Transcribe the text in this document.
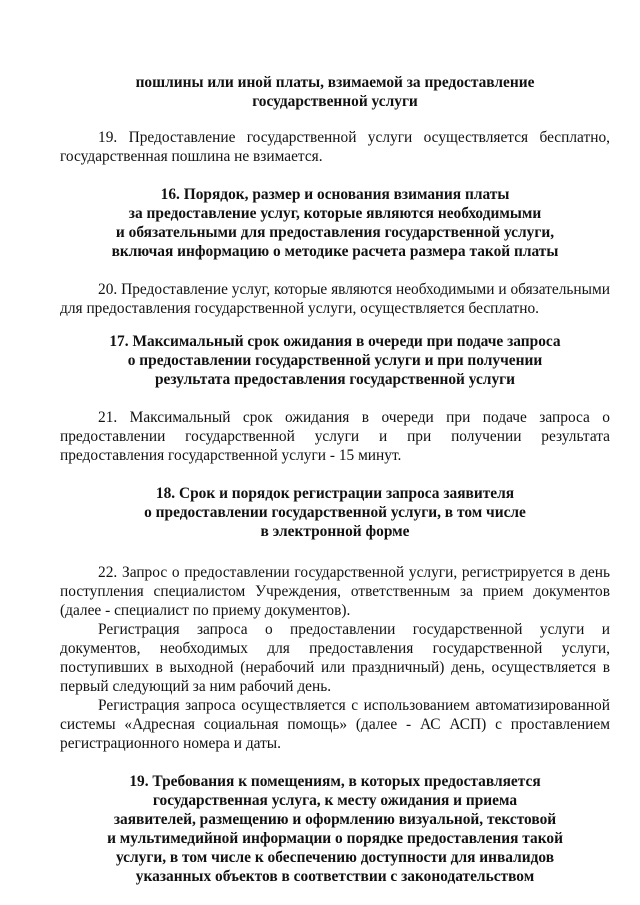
пошлины или иной платы, взимаемой за предоставление
государственной услуги

19. Предоставление государственной услуги осуществляется бесплатно, государственная пошлина не взимается.

16. Порядок, размер и основания взимания платы
за предоставление услуг, которые являются необходимыми
и обязательными для предоставления государственной услуги,
включая информацию о методике расчета размера такой платы

20. Предоставление услуг, которые являются необходимыми и обязательными для предоставления государственной услуги, осуществляется бесплатно.

17. Максимальный срок ожидания в очереди при подаче запроса
о предоставлении государственной услуги и при получении
результата предоставления государственной услуги

21. Максимальный срок ожидания в очереди при подаче запроса о предоставлении государственной услуги и при получении результата предоставления государственной услуги - 15 минут.

18. Срок и порядок регистрации запроса заявителя
о предоставлении государственной услуги, в том числе
в электронной форме

22. Запрос о предоставлении государственной услуги, регистрируется в день поступления специалистом Учреждения, ответственным за прием документов (далее - специалист по приему документов).

Регистрация запроса о предоставлении государственной услуги и документов, необходимых для предоставления государственной услуги, поступивших в выходной (нерабочий или праздничный) день, осуществляется в первый следующий за ним рабочий день.

Регистрация запроса осуществляется с использованием автоматизированной системы «Адресная социальная помощь» (далее - АС АСП) с проставлением регистрационного номера и даты.

19. Требования к помещениям, в которых предоставляется
государственная услуга, к месту ожидания и приема
заявителей, размещению и оформлению визуальной, текстовой
и мультимедийной информации о порядке предоставления такой
услуги, в том числе к обеспечению доступности для инвалидов
указанных объектов в соответствии с законодательством
